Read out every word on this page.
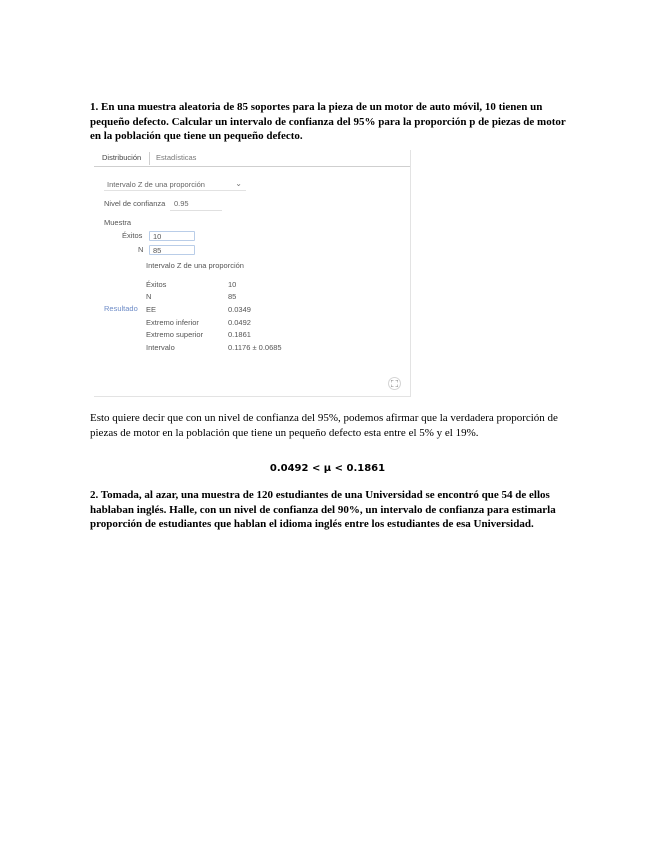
1. En una muestra aleatoria de 85 soportes para la pieza de un motor de auto móvil, 10 tienen un pequeño defecto. Calcular un intervalo de confianza del 95% para la proporción p de piezas de motor en la población que tiene un pequeño defecto.

Distribución Estadísticas
Intervalo Z de una proporción	⌄
Nivel de confianza 0.95
Muestra
Éxitos
10
N
85
Intervalo Z de una proporción
Éxitos	10
N	85
Resultado EE	0.0349
Extremo inferior	0.0492
Extremo superior	0.1861
Intervalo	0.1176 ± 0.0685

Esto quiere decir que con un nivel de confianza del 95%, podemos afirmar que la verdadera proporción de piezas de motor en la población que tiene un pequeño defecto esta entre el 5% y el 19%.

0.0492 < μ < 0.1861

2. Tomada, al azar, una muestra de 120 estudiantes de una Universidad se encontró que 54 de ellos hablaban inglés. Halle, con un nivel de confianza del 90%, un intervalo de confianza para estimarla proporción de estudiantes que hablan el idioma inglés entre los estudiantes de esa Universidad.
